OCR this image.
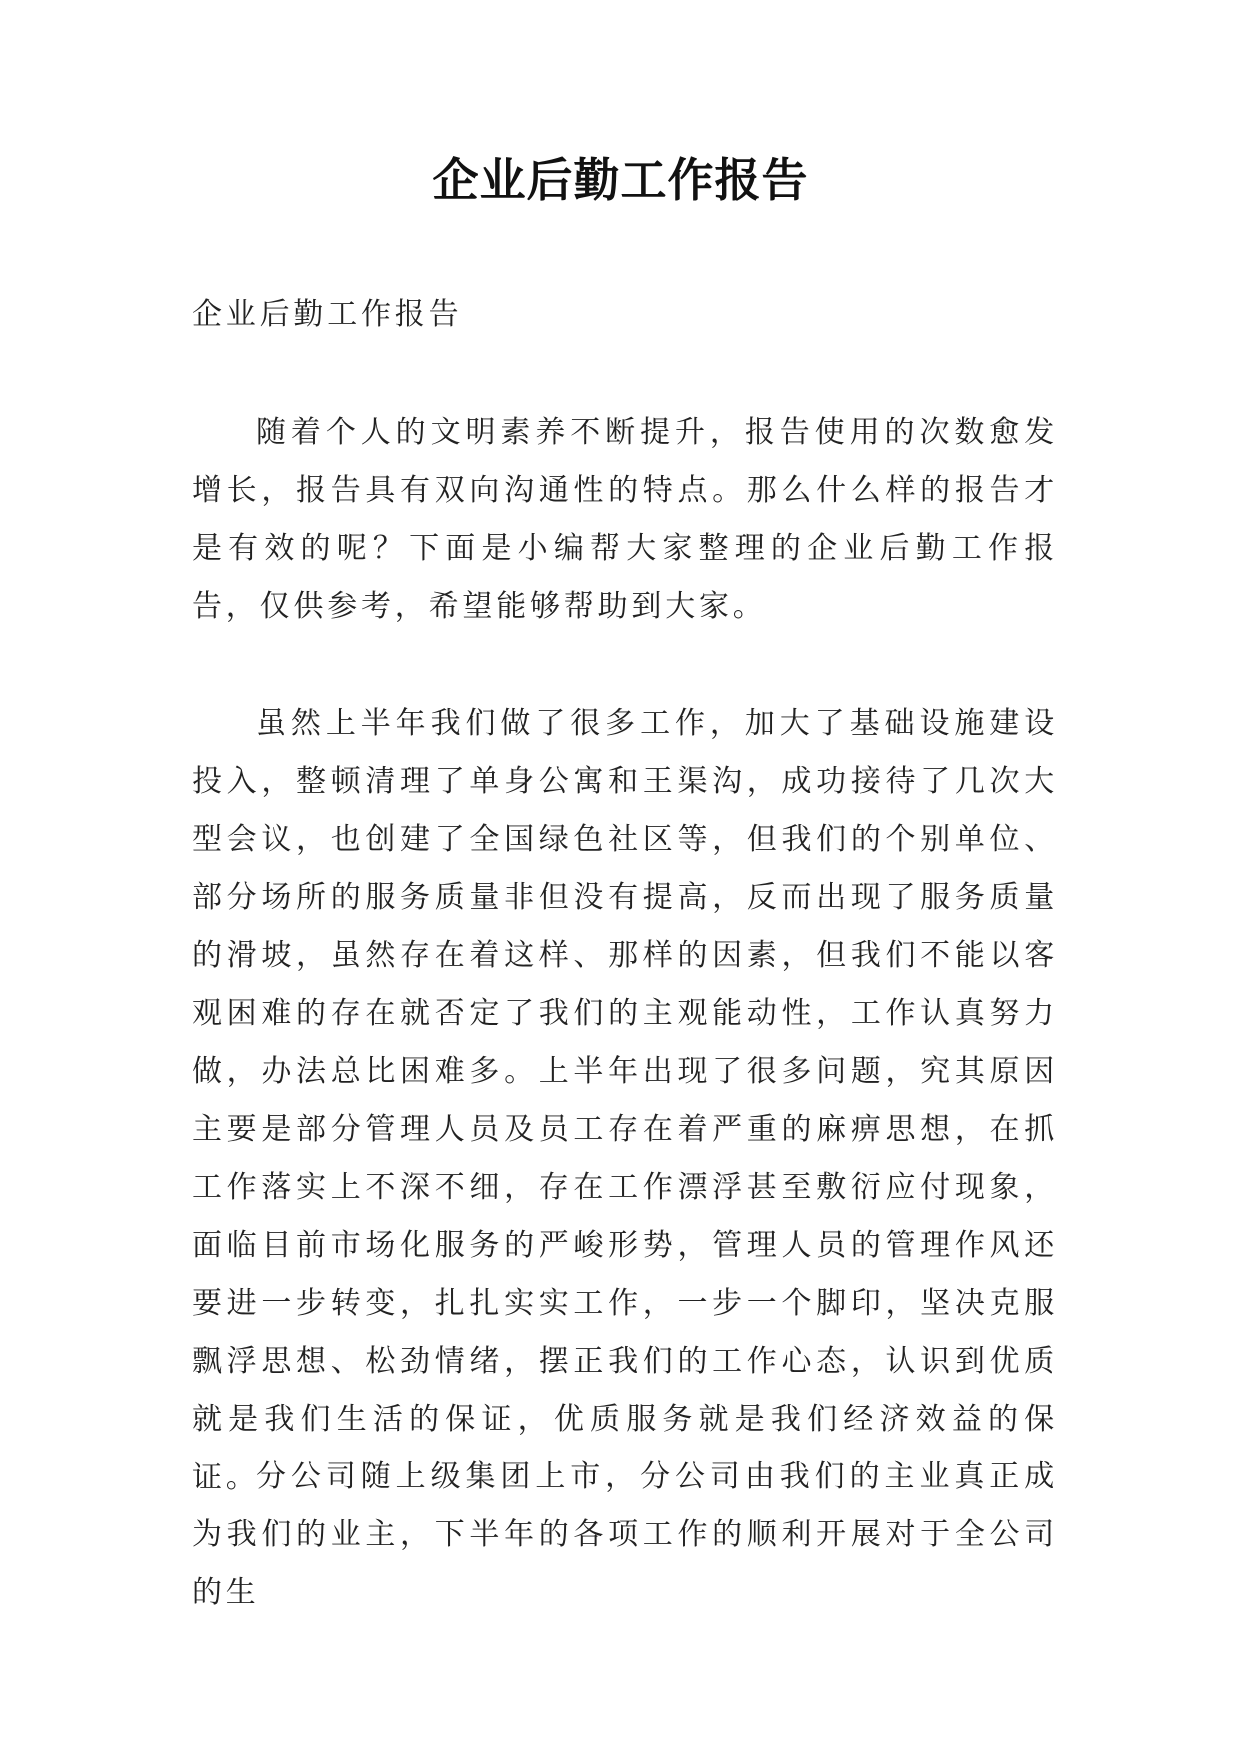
企业后勤工作报告

企业后勤工作报告

随着个人的文明素养不断提升，报告使用的次数愈发增长，报告具有双向沟通性的特点。那么什么样的报告才是有效的呢？下面是小编帮大家整理的企业后勤工作报告，仅供参考，希望能够帮助到大家。

虽然上半年我们做了很多工作，加大了基础设施建设投入，整顿清理了单身公寓和王渠沟，成功接待了几次大型会议，也创建了全国绿色社区等，但我们的个别单位、部分场所的服务质量非但没有提高，反而出现了服务质量的滑坡，虽然存在着这样、那样的因素，但我们不能以客观困难的存在就否定了我们的主观能动性，工作认真努力做，办法总比困难多。上半年出现了很多问题，究其原因主要是部分管理人员及员工存在着严重的麻痹思想，在抓工作落实上不深不细，存在工作漂浮甚至敷衍应付现象，面临目前市场化服务的严峻形势，管理人员的管理作风还要进一步转变，扎扎实实工作，一步一个脚印，坚决克服飘浮思想、松劲情绪，摆正我们的工作心态，认识到优质就是我们生活的保证，优质服务就是我们经济效益的保证。

分公司随上级集团上市，分公司由我们的主业真正成为我们的业主，下半年的各项工作的顺利开展对于全公司的生
